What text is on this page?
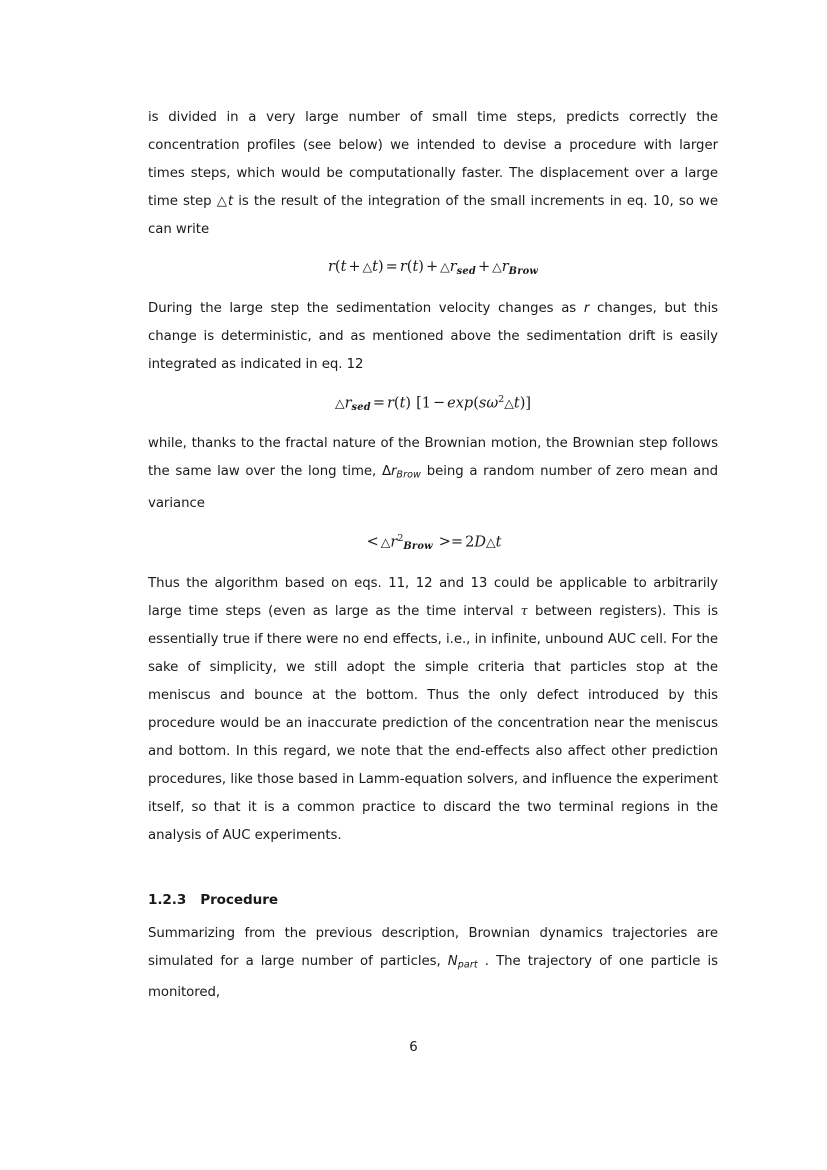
is divided in a very large number of small time steps, predicts correctly the concentration profiles (see below) we intended to devise a procedure with larger times steps, which would be computationally faster. The displacement over a large time step △t is the result of the integration of the small increments in eq. 10, so we can write

r(t + △t) = $r(t) + \triangle r_{sed}$ + $\triangle r_{Brow}$

During the large step the sedimentation velocity changes as r changes, but this change is deterministic, and as mentioned above the sedimentation drift is easily integrated as indicated in eq. 12

$\triangle r_{sed} = r(t) [1$ − $\exp(s\omega^2\triangle t)$]

while, thanks to the fractal nature of the Brownian motion, the Brownian step follows the same law over the long time, $\Delta r_{Brow}$ being a random number of zero mean and variance

< $\triangle r^2_{Brow}$ >= 2D△t

Thus the algorithm based on eqs. 11, 12 and 13 could be applicable to arbitrarily large time steps (even as large as the time interval τ between registers). This is essentially true if there were no end effects, i.e., in infinite, unbound AUC cell. For the sake of simplicity, we still adopt the simple criteria that particles stop at the meniscus and bounce at the bottom. Thus the only defect introduced by this procedure would be an inaccurate prediction of the concentration near the meniscus and bottom. In this regard, we note that the end-effects also affect other prediction procedures, like those based in Lamm-equation solvers, and influence the experiment itself, so that it is a common practice to discard the two terminal regions in the analysis of AUC experiments.

1.2.3 Procedure

Summarizing from the previous description, Brownian dynamics trajectories are simulated for a large number of particles, $N_{part}$ . The trajectory of one particle is monitored,

6
